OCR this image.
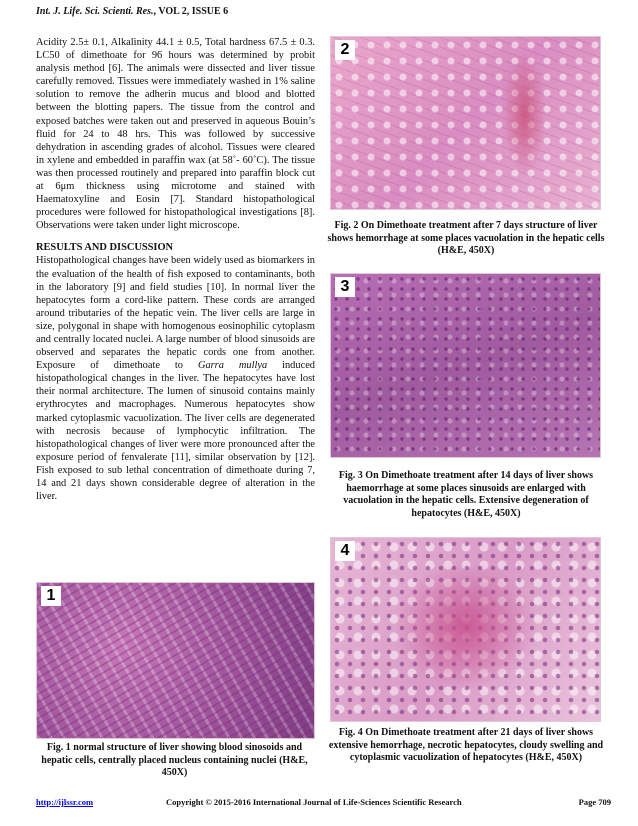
Int. J. Life. Sci. Scienti. Res., VOL 2, ISSUE 6

Acidity 2.5± 0.1, Alkalinity 44.1 ± 0.5, Total hardness 67.5 ± 0.3. LC50 of dimethoate for 96 hours was determined by probit analysis method [6]. The animals were dissected and liver tissue carefully removed. Tissues were immediately washed in 1% saline solution to remove the adherin mucus and blood and blotted between the blotting papers. The tissue from the control and exposed batches were taken out and preserved in aqueous Bouin’s fluid for 24 to 48 hrs. This was followed by successive dehydration in ascending grades of alcohol. Tissues were cleared in xylene and embedded in paraffin wax (at 58˚- 60˚C). The tissue was then processed routinely and prepared into paraffin block cut at 6μm thickness using microtome and stained with Haematoxyline and Eosin [7]. Standard histopathological procedures were followed for histopathological investigations [8]. Observations were taken under light microscope.

RESULTS AND DISCUSSION

Histopathological changes have been widely used as biomarkers in the evaluation of the health of fish exposed to contaminants, both in the laboratory [9] and field studies [10]. In normal liver the hepatocytes form a cord-like pattern. These cords are arranged around tributaries of the hepatic vein. The liver cells are large in size, polygonal in shape with homogenous eosinophilic cytoplasm and centrally located nuclei. A large number of blood sinusoids are observed and separates the hepatic cords one from another. Exposure of dimethoate to Garra mullya induced histopathological changes in the liver. The hepatocytes have lost their normal architecture. The lumen of sinusoid contains mainly erythrocytes and macrophages. Numerous hepatocytes show marked cytoplasmic vacuolization. The liver cells are degenerated with necrosis because of lymphocytic infiltration. The histopathological changes of liver were more pronounced after the exposure period of fenvalerate [11], similar observation by [12]. Fish exposed to sub lethal concentration of dimethoate during 7, 14 and 21 days shown considerable degree of alteration in the liver.

1

Fig. 1 normal structure of liver showing blood sinosoids and hepatic cells, centrally placed nucleus containing nuclei (H&E, 450X)

2

Fig. 2 On Dimethoate treatment after 7 days structure of liver shows hemorrhage at some places vacuolation in the hepatic cells (H&E, 450X)

3

Fig. 3 On Dimethoate treatment after 14 days of liver shows haemorrhage at some places sinusoids are enlarged with vacuolation in the hepatic cells. Extensive degeneration of hepatocytes (H&E, 450X)

4

Fig. 4 On Dimethoate treatment after 21 days of liver shows extensive hemorrhage, necrotic hepatocytes, cloudy swelling and cytoplasmic vacuolization of hepatocytes (H&E, 450X)

http://ijlssr.com	Copyright © 2015-2016 International Journal of Life-Sciences Scientific Research	Page 709
